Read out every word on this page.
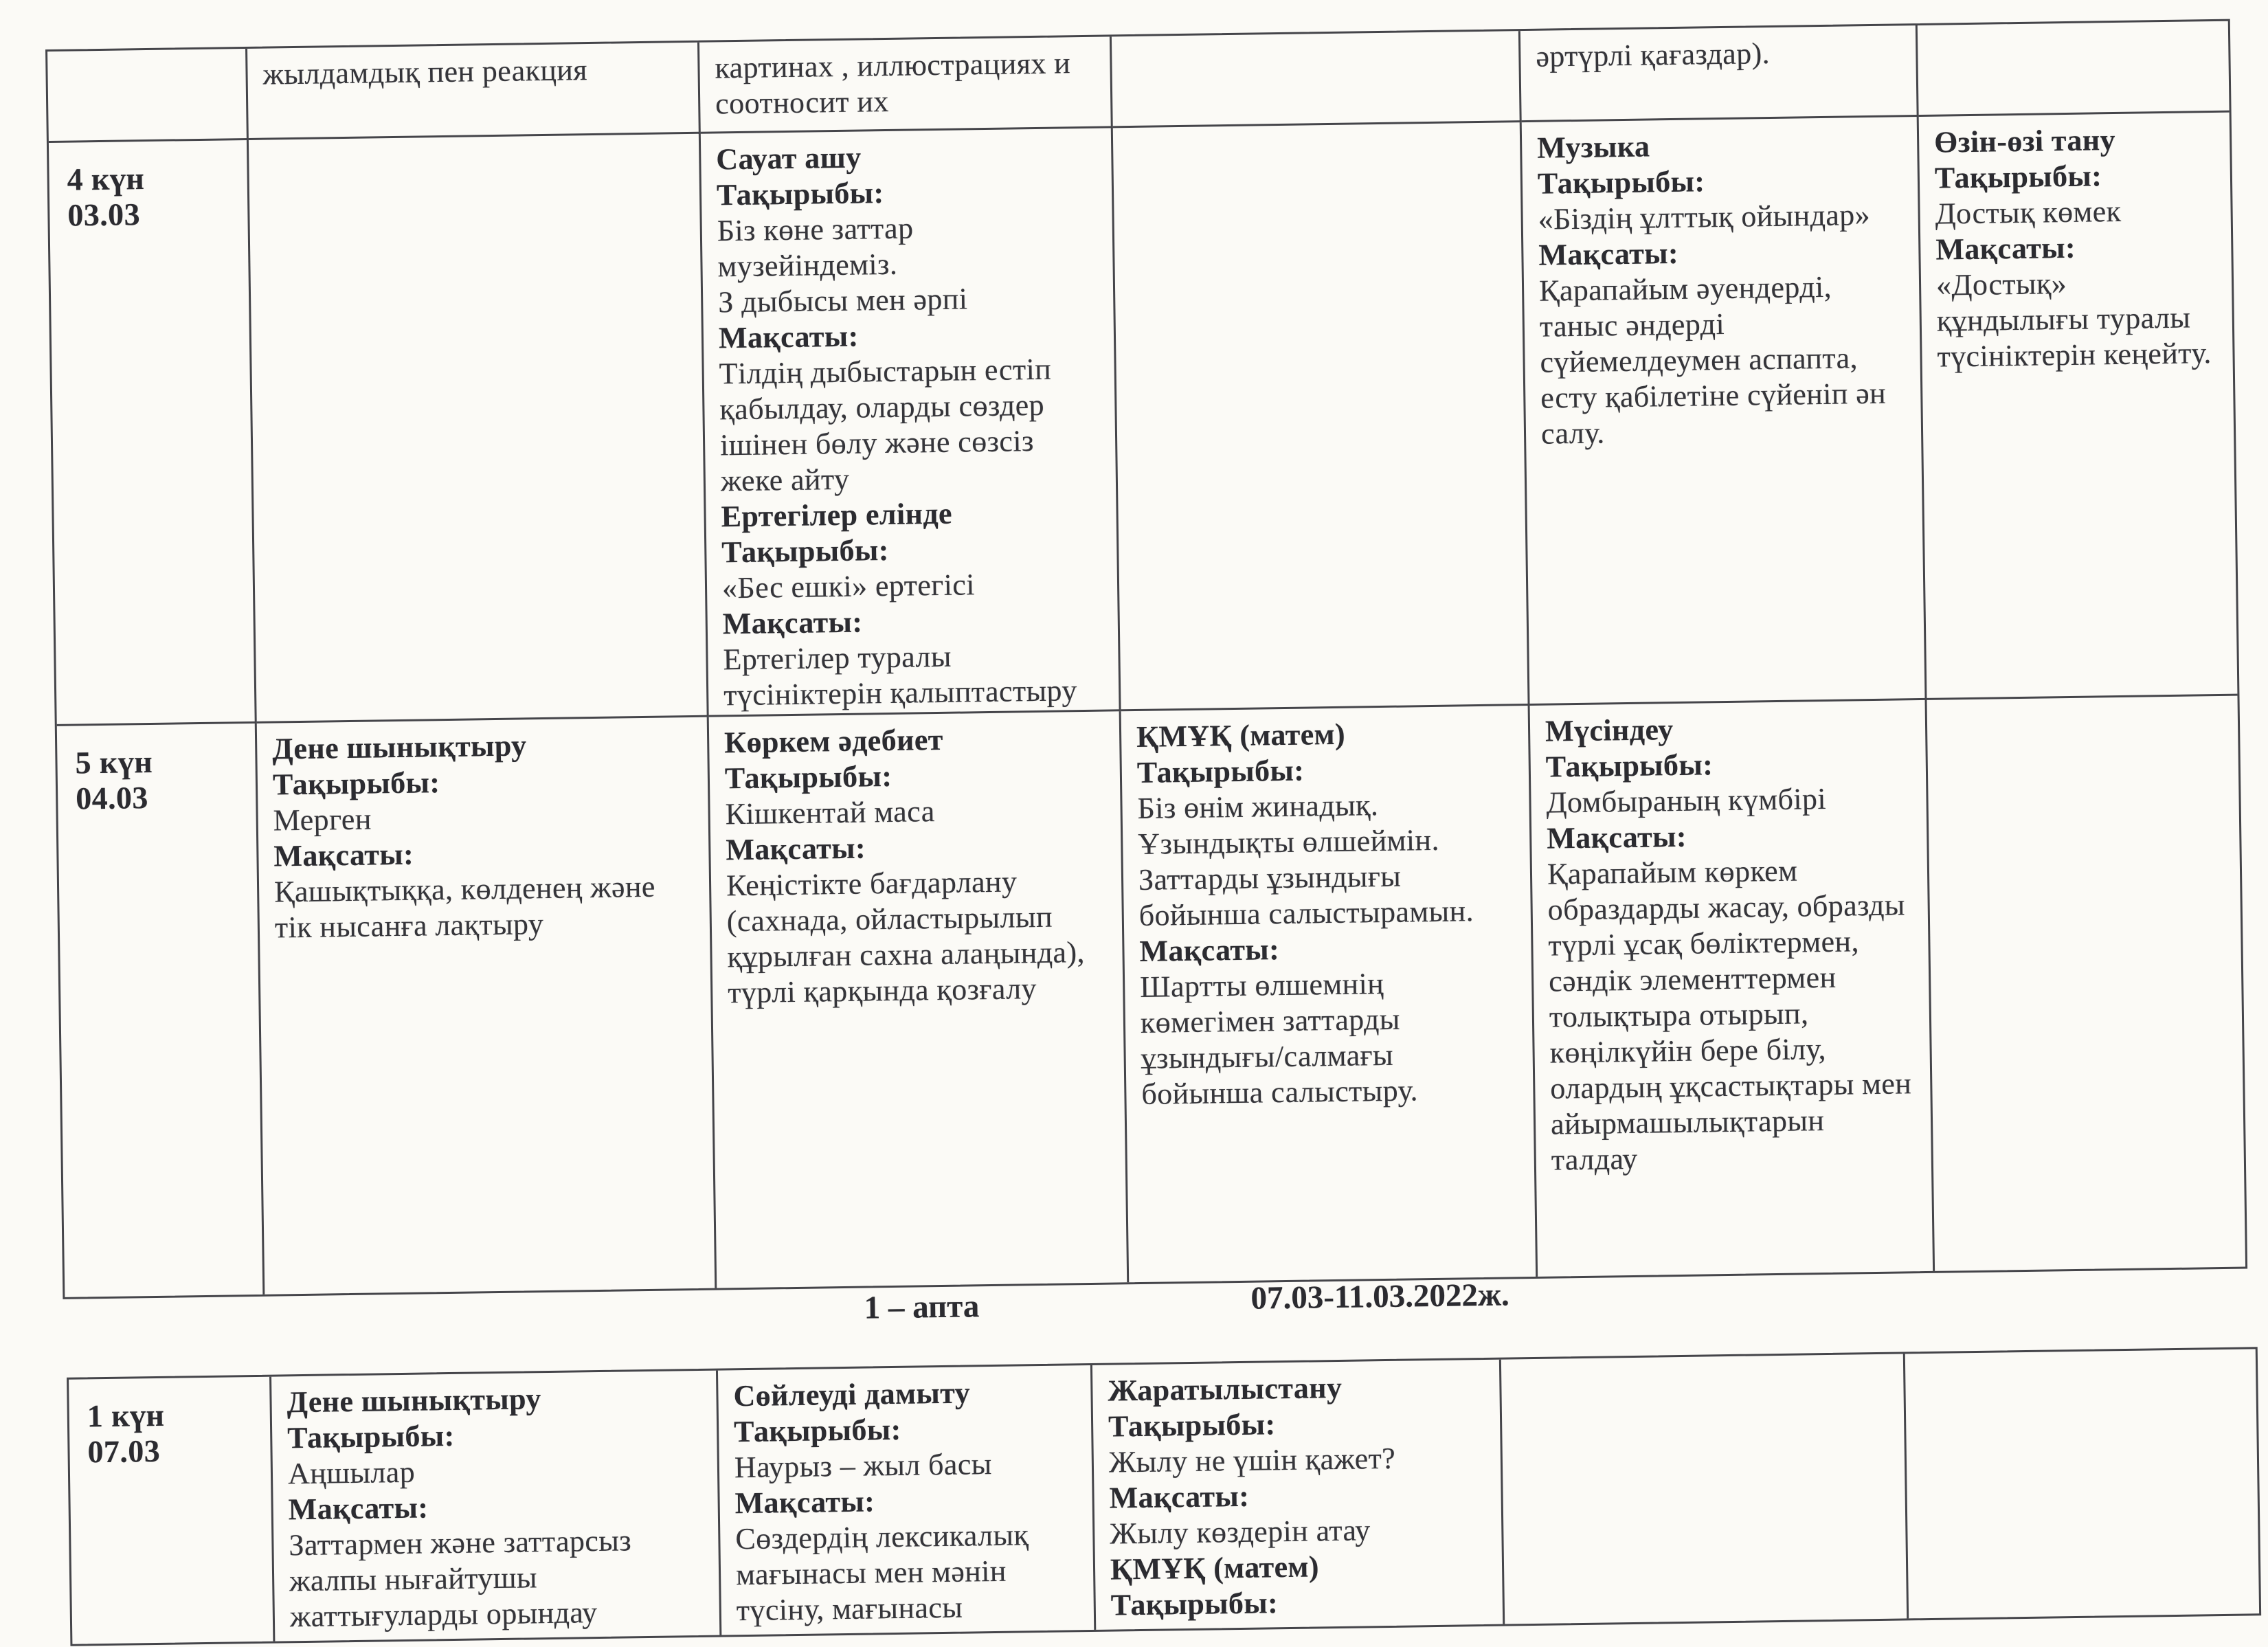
жылдамдық пен реакция	картинах , иллюстрациях и соотносит их
әртүрлі қағаздар).
4 күн
03.03
Сауат ашу
Тақырыбы:
Біз көне заттар музейіндеміз.
З дыбысы мен әрпі
Мақсаты:
Тілдің дыбыстарын естіп қабылдау, оларды сөздер ішінен бөлу және сөзсіз жеке айту
Ертегілер елінде
Тақырыбы:
«Бес ешкі» ертегісі
Мақсаты:
Ертегілер туралы түсініктерін қалыптастыру
Музыка
Тақырыбы:
«Біздің ұлттық ойындар»
Мақсаты:
Қарапайым әуендерді, таныс әндерді сүйемелдеумен аспапта, есту қабілетіне сүйеніп ән салу.
Өзін-өзі тану
Тақырыбы:
Достық көмек
Мақсаты:
«Достық» құндылығы туралы түсініктерін кеңейту.
5 күн
04.03
Дене шынықтыру
Тақырыбы:
Мерген
Мақсаты:
Қашықтыққа, көлденең және тік нысанға лақтыру
Көркем әдебиет
Тақырыбы:
Кішкентай маса
Мақсаты:
Кеңістікте бағдарлану (сахнада, ойластырылып құрылған сахна алаңында), түрлі қарқында қозғалу
ҚМҰҚ (матем)
Тақырыбы:
Біз өнім жинадық.
Ұзындықты өлшеймін.
Заттарды ұзындығы бойынша салыстырамын.
Мақсаты:
Шартты өлшемнің көмегімен заттарды ұзындығы/салмағы бойынша салыстыру.
Мүсіндеу
Тақырыбы:
Домбыраның күмбірі
Мақсаты:
Қарапайым көркем образдарды жасау, образды түрлі ұсақ бөліктермен, сәндік элементтермен толықтыра отырып, көңілкүйін бере білу, олардың ұқсастықтары мен айырмашылықтарын талдау
1 – апта	07.03-11.03.2022ж.
1 күн
07.03
Дене шынықтыру
Тақырыбы:
Аңшылар
Мақсаты:
Заттармен және заттарсыз жалпы нығайтушы жаттығуларды орындау
Сөйлеуді дамыту
Тақырыбы:
Наурыз – жыл басы
Мақсаты:
Сөздердің лексикалық мағынасы мен мәнін түсіну, мағынасы
Жаратылыстану
Тақырыбы:
Жылу не үшін қажет?
Мақсаты:
Жылу көздерін атау
ҚМҰҚ (матем)
Тақырыбы:
